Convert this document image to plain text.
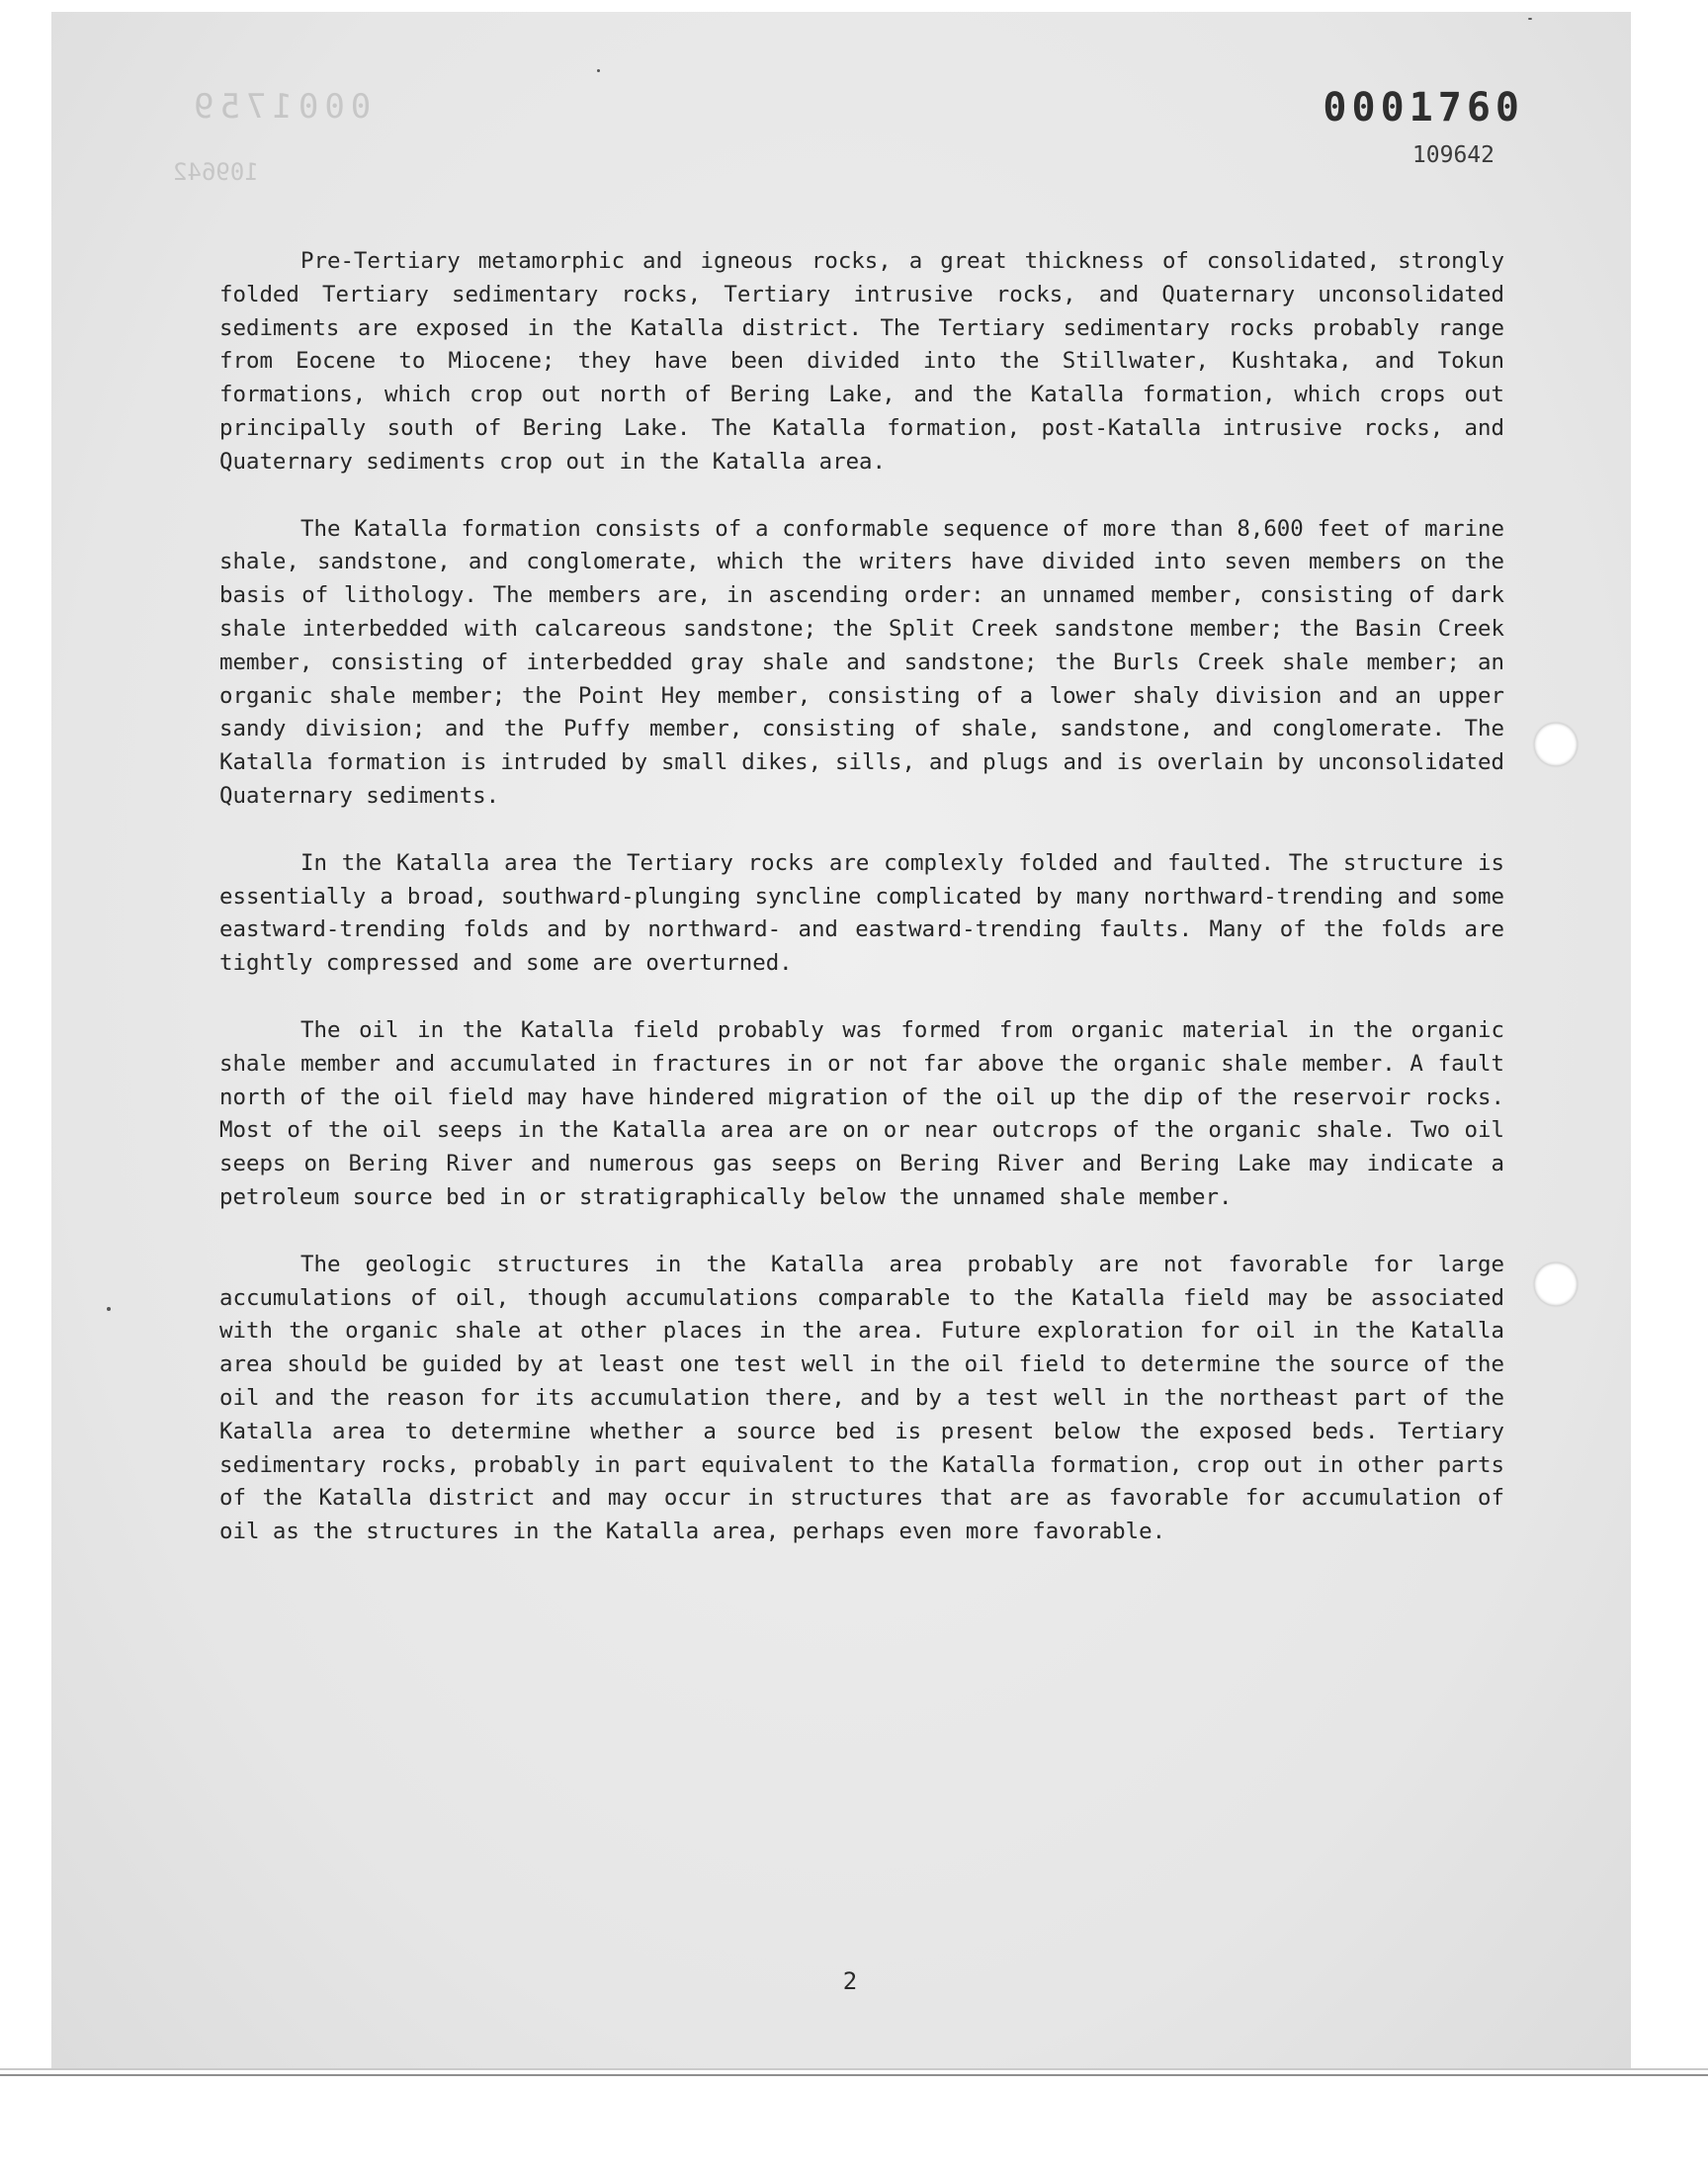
0001759
109642
0001760
109642

Pre-Tertiary metamorphic and igneous rocks, a great thickness of consolidated, strongly folded Tertiary sedimentary rocks, Tertiary intrusive rocks, and Quaternary unconsolidated sediments are exposed in the Katalla district. The Tertiary sedimentary rocks probably range from Eocene to Miocene; they have been divided into the Stillwater, Kushtaka, and Tokun formations, which crop out north of Bering Lake, and the Katalla formation, which crops out principally south of Bering Lake. The Katalla formation, post-Katalla intrusive rocks, and Quaternary sediments crop out in the Katalla area.

The Katalla formation consists of a conformable sequence of more than 8,600 feet of marine shale, sandstone, and conglomerate, which the writers have divided into seven members on the basis of lithology. The members are, in ascending order: an unnamed member, consisting of dark shale interbedded with calcareous sandstone; the Split Creek sandstone member; the Basin Creek member, consisting of interbedded gray shale and sandstone; the Burls Creek shale member; an organic shale member; the Point Hey member, consisting of a lower shaly division and an upper sandy division; and the Puffy member, consisting of shale, sandstone, and conglomerate. The Katalla formation is intruded by small dikes, sills, and plugs and is overlain by unconsolidated Quaternary sediments.

In the Katalla area the Tertiary rocks are complexly folded and faulted. The structure is essentially a broad, southward-plunging syncline complicated by many northward-trending and some eastward-trending folds and by northward- and eastward-trending faults. Many of the folds are tightly compressed and some are overturned.

The oil in the Katalla field probably was formed from organic material in the organic shale member and accumulated in fractures in or not far above the organic shale member. A fault north of the oil field may have hindered migration of the oil up the dip of the reservoir rocks. Most of the oil seeps in the Katalla area are on or near outcrops of the organic shale. Two oil seeps on Bering River and numerous gas seeps on Bering River and Bering Lake may indicate a petroleum source bed in or stratigraphically below the unnamed shale member.

The geologic structures in the Katalla area probably are not favorable for large accumulations of oil, though accumulations comparable to the Katalla field may be associated with the organic shale at other places in the area. Future exploration for oil in the Katalla area should be guided by at least one test well in the oil field to determine the source of the oil and the reason for its accumulation there, and by a test well in the northeast part of the Katalla area to determine whether a source bed is present below the exposed beds. Tertiary sedimentary rocks, probably in part equivalent to the Katalla formation, crop out in other parts of the Katalla district and may occur in structures that are as favorable for accumulation of oil as the structures in the Katalla area, perhaps even more favorable.

2
